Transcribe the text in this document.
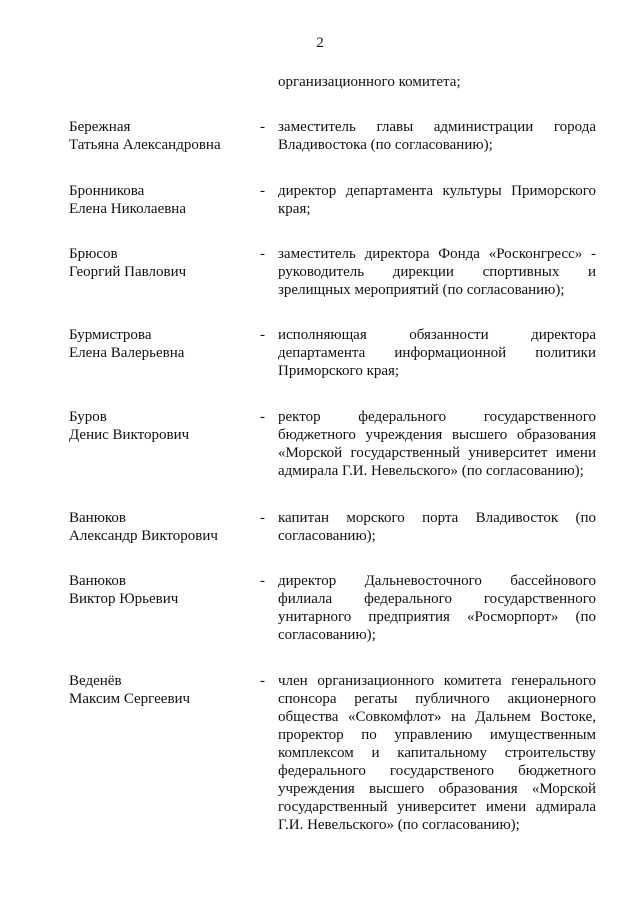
2
организационного комитета;
Бережная
Татьяна Александровна
- заместитель главы администрации города
Владивостока (по согласованию);
Бронникова
Елена Николаевна
- директор департамента культуры Приморского
края;
Брюсов
Георгий Павлович
- заместитель директора Фонда «Росконгресс» -
руководитель дирекции спортивных и
зрелищных мероприятий (по согласованию);
Бурмистрова
Елена Валерьевна
- исполняющая обязанности директора
департамента информационной политики
Приморского края;
Буров
Денис Викторович
- ректор федерального государственного
бюджетного учреждения высшего образования
«Морской государственный университет имени
адмирала Г.И. Невельского» (по согласованию);
Ванюков
Александр Викторович
- капитан морского порта Владивосток (по
согласованию);
Ванюков
Виктор Юрьевич
- директор Дальневосточного бассейнового
филиала федерального государственного
унитарного предприятия «Росморпорт» (по
согласованию);
Веденёв
Максим Сергеевич
- член организационного комитета генерального
спонсора регаты публичного акционерного
общества «Совкомфлот» на Дальнем Востоке,
проректор по управлению имущественным
комплексом и капитальному строительству
федерального государственого бюджетного
учреждения высшего образования «Морской
государственный университет имени адмирала
Г.И. Невельского» (по согласованию);
